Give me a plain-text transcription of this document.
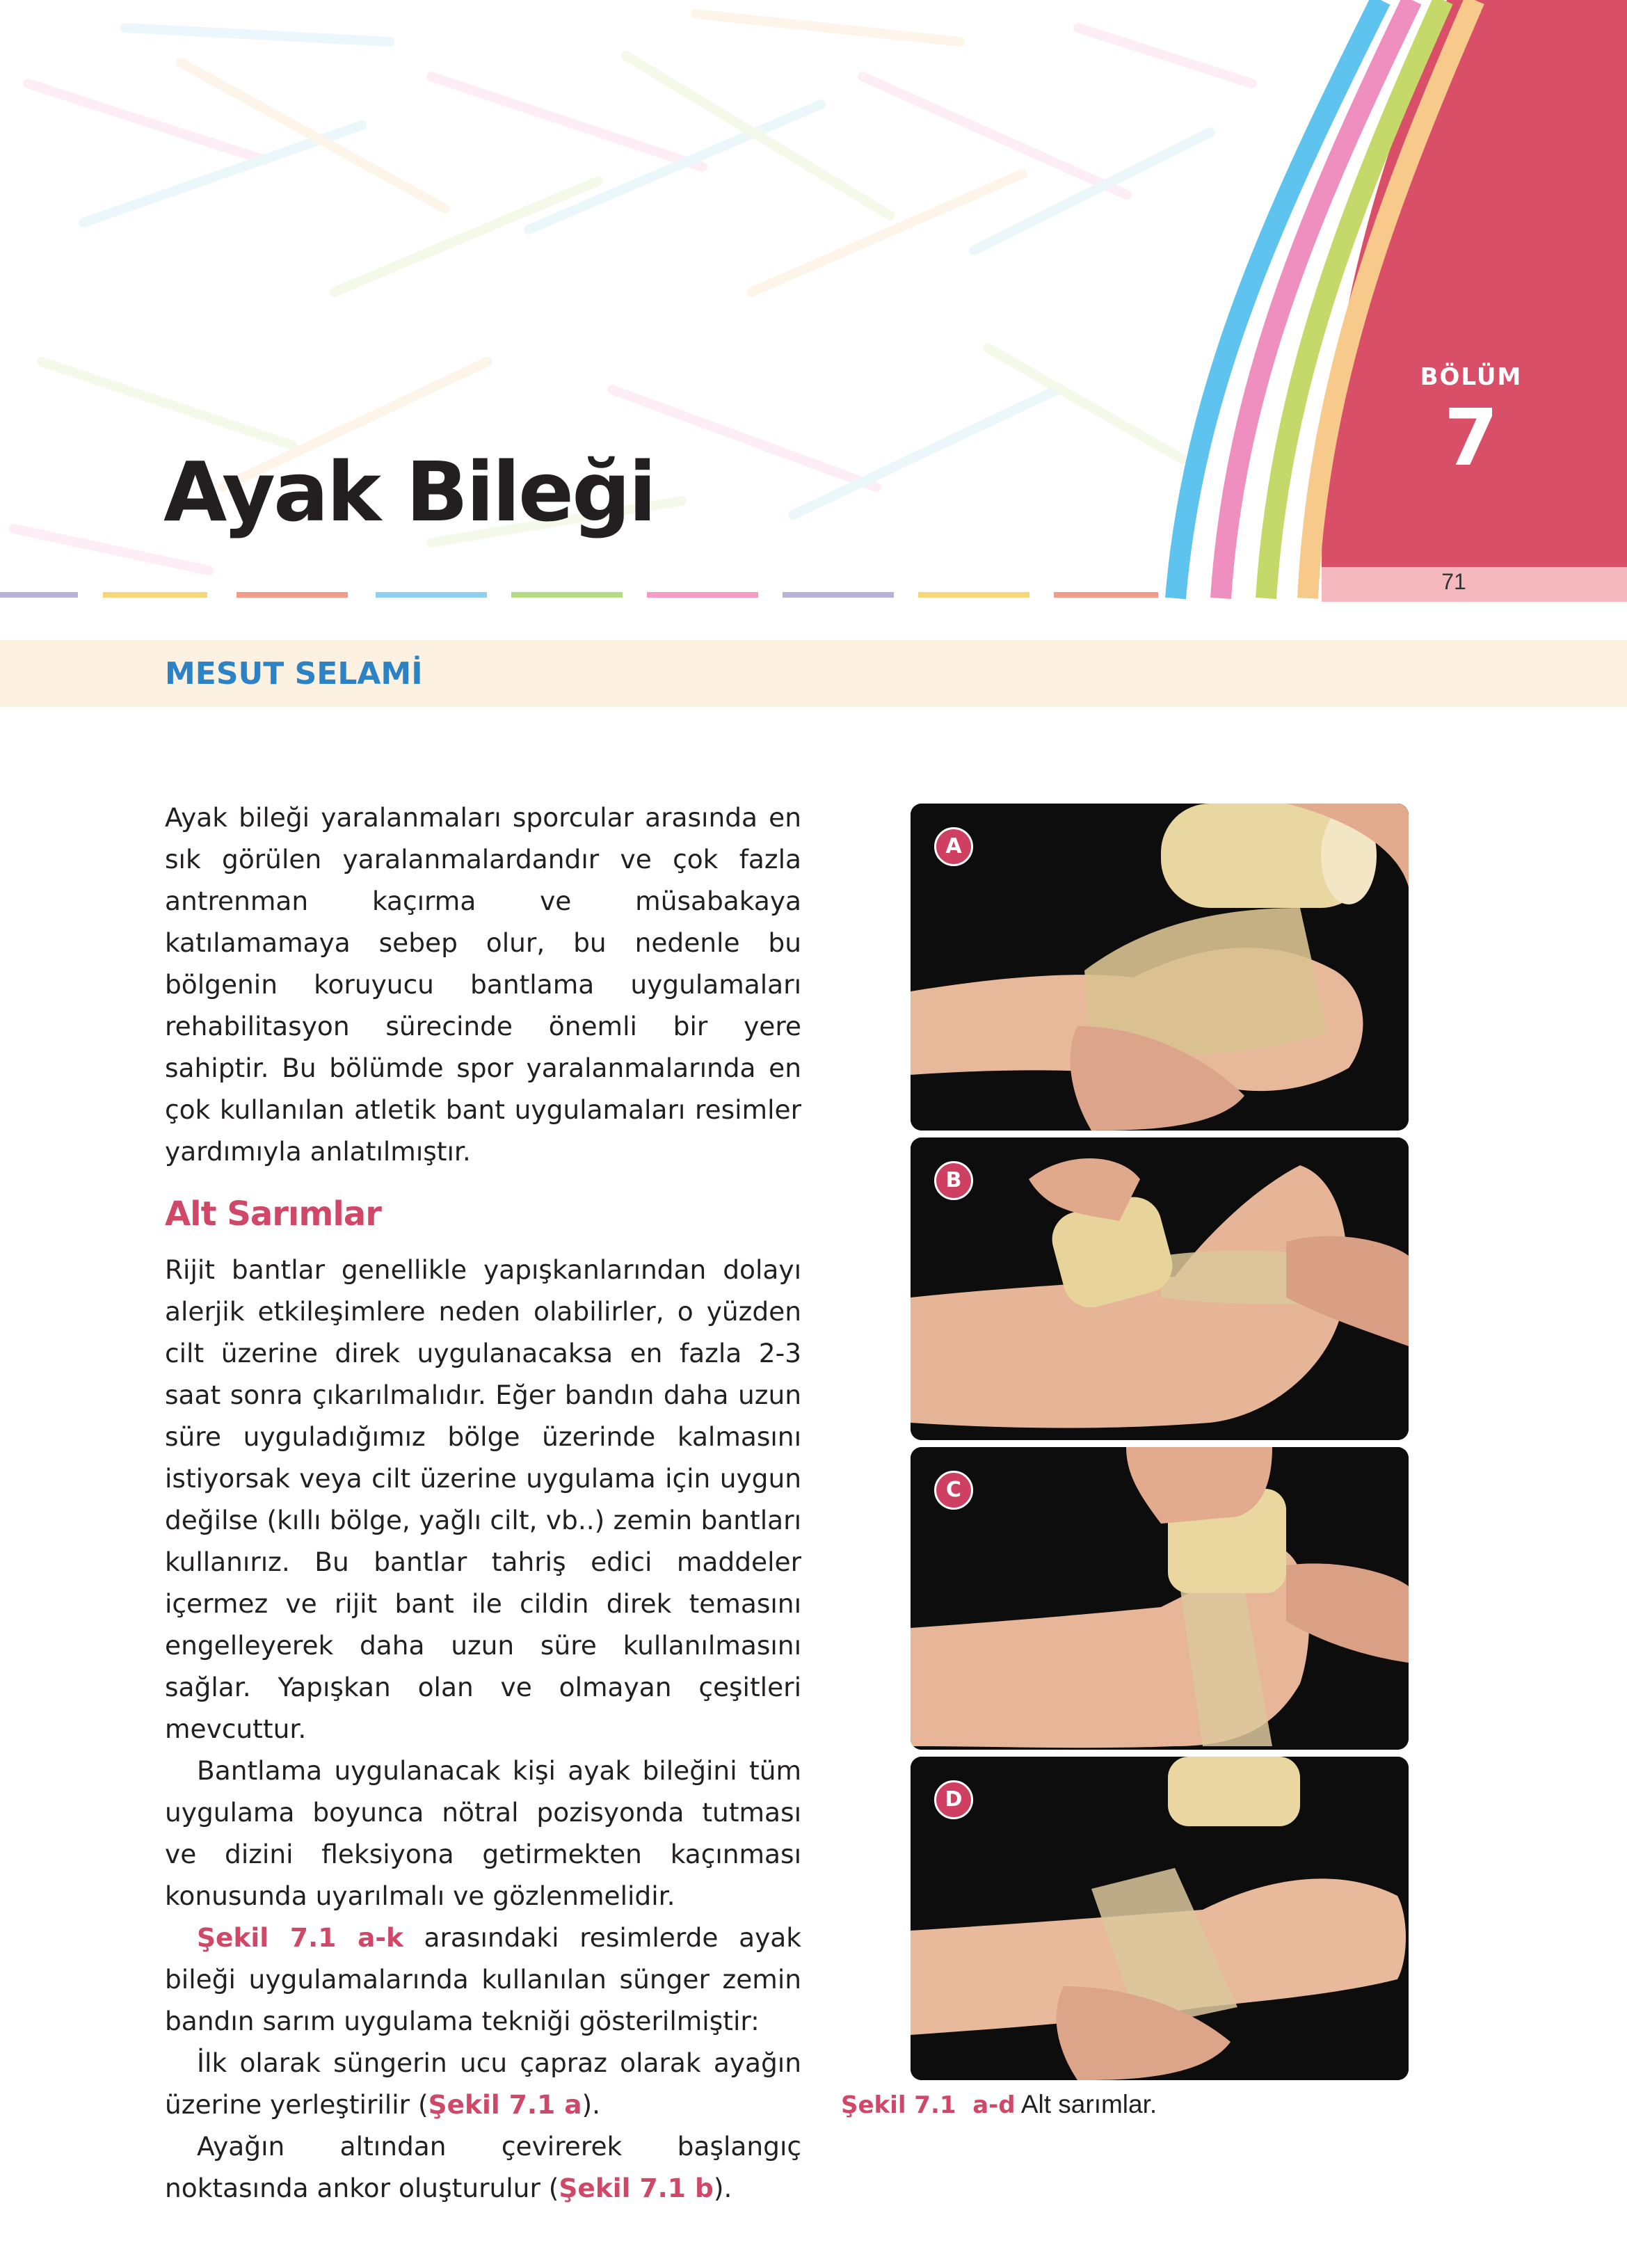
BÖLÜM
7
71
Ayak Bileği
MESUT SELAMİ

Ayak bileği yaralanmaları sporcular arasında en sık görülen yaralanmalardandır ve çok fazla antrenman kaçırma ve müsabakaya katılamamaya sebep olur, bu nedenle bu bölgenin koruyucu bantlama uygulamaları rehabilitasyon sürecinde önemli bir yere sahiptir. Bu bölümde spor yaralanmalarında en çok kullanılan atletik bant uygulamaları resimler yardımıyla anlatılmıştır.

Alt Sarımlar

Rijit bantlar genellikle yapışkanlarından dolayı alerjik etkileşimlere neden olabilirler, o yüzden cilt üzerine direk uygulanacaksa en fazla 2-3 saat sonra çıkarılmalıdır. Eğer bandın daha uzun süre uyguladığımız bölge üzerinde kalmasını istiyorsak veya cilt üzerine uygulama için uygun değilse (kıllı bölge, yağlı cilt, vb..) zemin bantları kullanırız. Bu bantlar tahriş edici maddeler içermez ve rijit bant ile cildin direk temasını engelleyerek daha uzun süre kullanılmasını sağlar. Yapışkan olan ve olmayan çeşitleri mevcuttur.

Bantlama uygulanacak kişi ayak bileğini tüm uygulama boyunca nötral pozisyonda tutması ve dizini fleksiyona getirmekten kaçınması konusunda uyarılmalı ve gözlenmelidir.

Şekil 7.1 a-k arasındaki resimlerde ayak bileği uygulamalarında kullanılan sünger zemin bandın sarım uygulama tekniği gösterilmiştir:

İlk olarak süngerin ucu çapraz olarak ayağın üzerine yerleştirilir (Şekil 7.1 a).

Ayağın altından çevirerek başlangıç noktasında ankor oluşturulur (Şekil 7.1 b).

A
B
C
D
Şekil 7.1  a-d Alt sarımlar.
